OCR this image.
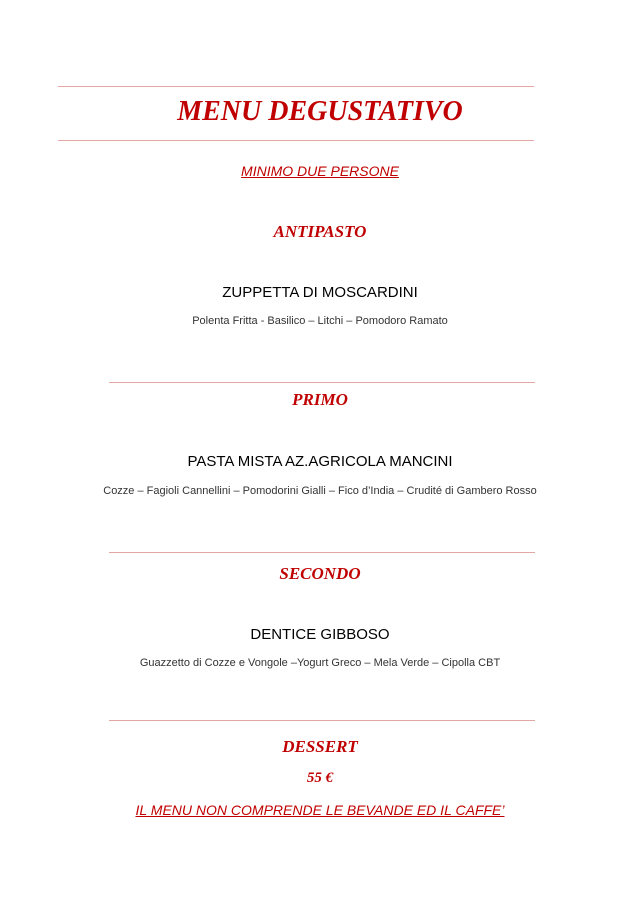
MENU DEGUSTATIVO
MINIMO DUE PERSONE
ANTIPASTO
ZUPPETTA DI MOSCARDINI
Polenta Fritta - Basilico – Litchi – Pomodoro Ramato
PRIMO
PASTA MISTA AZ.AGRICOLA MANCINI
Cozze – Fagioli Cannellini – Pomodorini Gialli – Fico d’India – Crudité di Gambero Rosso
SECONDO
DENTICE GIBBOSO
Guazzetto di Cozze e Vongole –Yogurt Greco – Mela Verde – Cipolla CBT
DESSERT
55 €
IL MENU NON COMPRENDE LE BEVANDE ED IL CAFFE’
